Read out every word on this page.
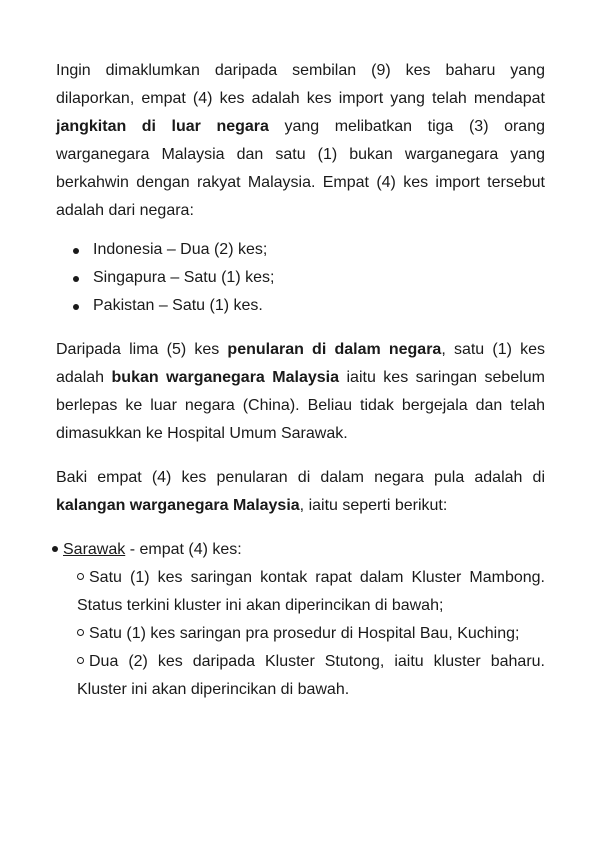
Ingin dimaklumkan daripada sembilan (9) kes baharu yang dilaporkan, empat (4) kes adalah kes import yang telah mendapat jangkitan di luar negara yang melibatkan tiga (3) orang warganegara Malaysia dan satu (1) bukan warganegara yang berkahwin dengan rakyat Malaysia. Empat (4) kes import tersebut adalah dari negara:

Indonesia – Dua (2) kes;
Singapura – Satu (1) kes;
Pakistan – Satu (1) kes.

Daripada lima (5) kes penularan di dalam negara, satu (1) kes adalah bukan warganegara Malaysia iaitu kes saringan sebelum berlepas ke luar negara (China). Beliau tidak bergejala dan telah dimasukkan ke Hospital Umum Sarawak.

Baki empat (4) kes penularan di dalam negara pula adalah di kalangan warganegara Malaysia, iaitu seperti berikut:

Sarawak - empat (4) kes:

Satu (1) kes saringan kontak rapat dalam Kluster Mambong. Status terkini kluster ini akan diperincikan di bawah;

Satu (1) kes saringan pra prosedur di Hospital Bau, Kuching;

Dua (2) kes daripada Kluster Stutong, iaitu kluster baharu. Kluster ini akan diperincikan di bawah.
